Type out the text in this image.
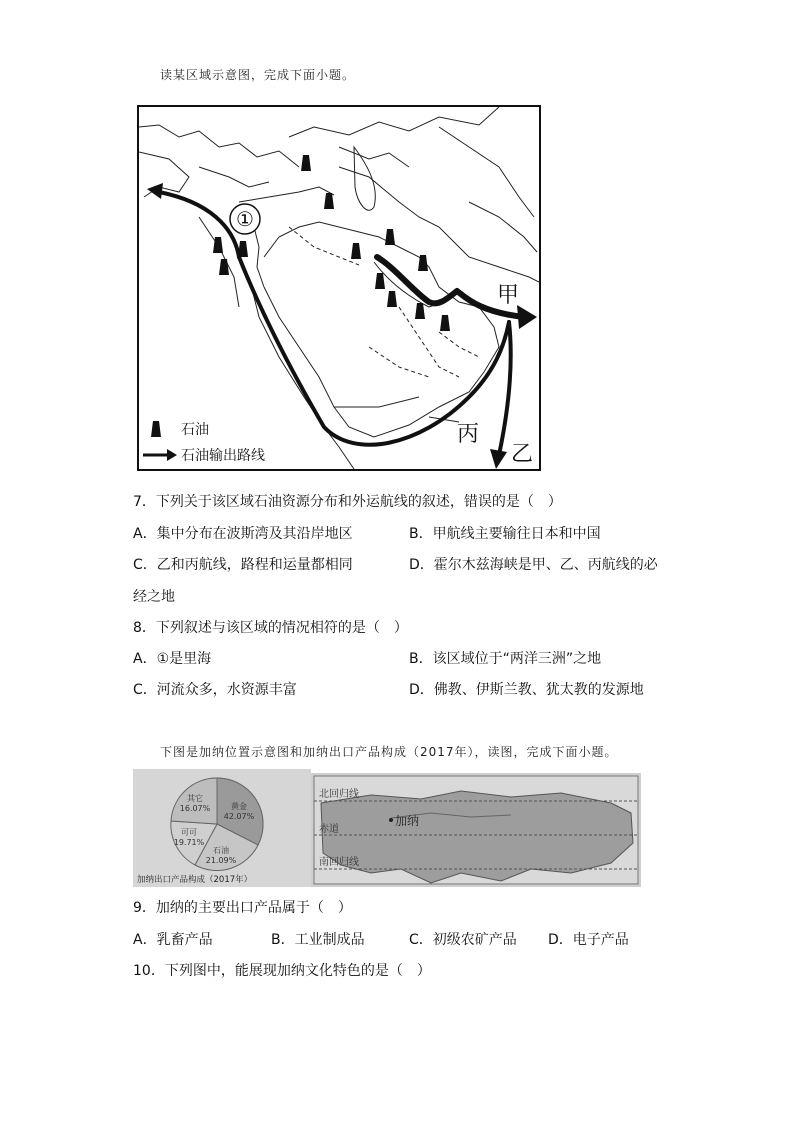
读某区域示意图，完成下面小题。
①
甲
丙
乙
石油
石油输出路线
7．下列关于该区域石油资源分布和外运航线的叙述，错误的是（　）
A．集中分布在波斯湾及其沿岸地区	B．甲航线主要输往日本和中国
C．乙和丙航线，路程和运量都相同	D．霍尔木兹海峡是甲、乙、丙航线的必
经之地
8．下列叙述与该区域的情况相符的是（　）
A．①是里海	B．该区域位于“两洋三洲”之地
C．河流众多，水资源丰富	D．佛教、伊斯兰教、犹太教的发源地
下图是加纳位置示意图和加纳出口产品构成（2017年），读图，完成下面小题。
黄金
42.07%
石油
21.09%
可可
19.71%
其它
16.07%
加纳出口产品构成（2017年）
北回归线
赤道
南回归线
加纳
9．加纳的主要出口产品属于（　）
A．乳畜产品	B．工业制成品	C．初级农矿产品 D．电子产品
10．下列图中，能展现加纳文化特色的是（　）
